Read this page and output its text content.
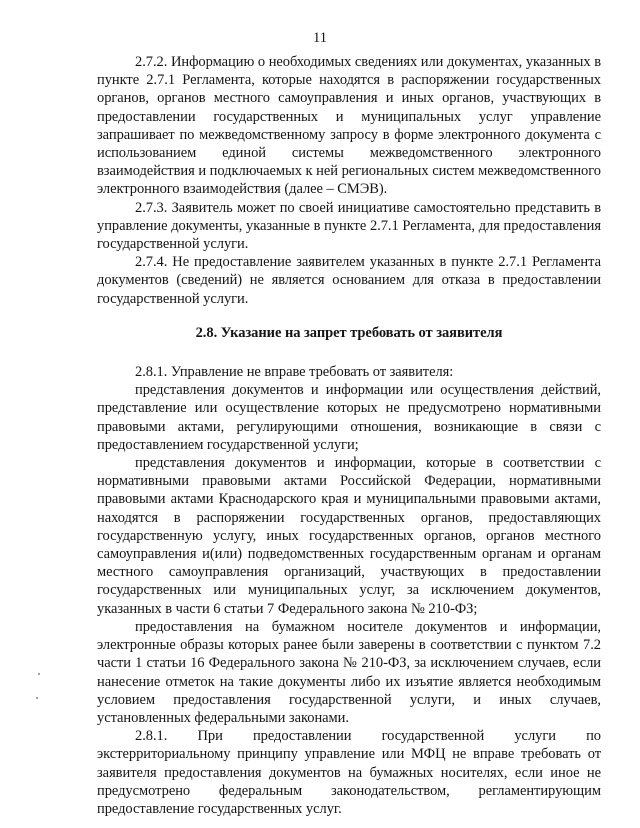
11

2.7.2. Информацию о необходимых сведениях или документах, указанных в пункте 2.7.1 Регламента, которые находятся в распоряжении государственных органов, органов местного самоуправления и иных органов, участвующих в предоставлении государственных и муниципальных услуг управление запрашивает по межведомственному запросу в форме электронного документа с использованием единой системы межведомственного электронного взаимодействия и подключаемых к ней региональных систем межведомственного электронного взаимодействия (далее – СМЭВ).

2.7.3. Заявитель может по своей инициативе самостоятельно представить в управление документы, указанные в пункте 2.7.1 Регламента, для предоставления государственной услуги.

2.7.4. Не предоставление заявителем указанных в пункте 2.7.1 Регламента документов (сведений) не является основанием для отказа в предоставлении государственной услуги.

2.8. Указание на запрет требовать от заявителя

2.8.1. Управление не вправе требовать от заявителя:

представления документов и информации или осуществления действий, представление или осуществление которых не предусмотрено нормативными правовыми актами, регулирующими отношения, возникающие в связи с предоставлением государственной услуги;

представления документов и информации, которые в соответствии с нормативными правовыми актами Российской Федерации, нормативными правовыми актами Краснодарского края и муниципальными правовыми актами, находятся в распоряжении государственных органов, предоставляющих государственную услугу, иных государственных органов, органов местного самоуправления и(или) подведомственных государственным органам и органам местного самоуправления организаций, участвующих в предоставлении государственных или муниципальных услуг, за исключением документов, указанных в части 6 статьи 7 Федерального закона № 210-ФЗ;

предоставления на бумажном носителе документов и информации, электронные образы которых ранее были заверены в соответствии с пунктом 7.2 части 1 статьи 16 Федерального закона № 210-ФЗ, за исключением случаев, если нанесение отметок на такие документы либо их изъятие является необходимым условием предоставления государственной услуги, и иных случаев, установленных федеральными законами.

2.8.1. При предоставлении государственной услуги по экстерриториальному принципу управление или МФЦ не вправе требовать от заявителя предоставления документов на бумажных носителях, если иное не предусмотрено федеральным законодательством, регламентирующим предоставление государственных услуг.
